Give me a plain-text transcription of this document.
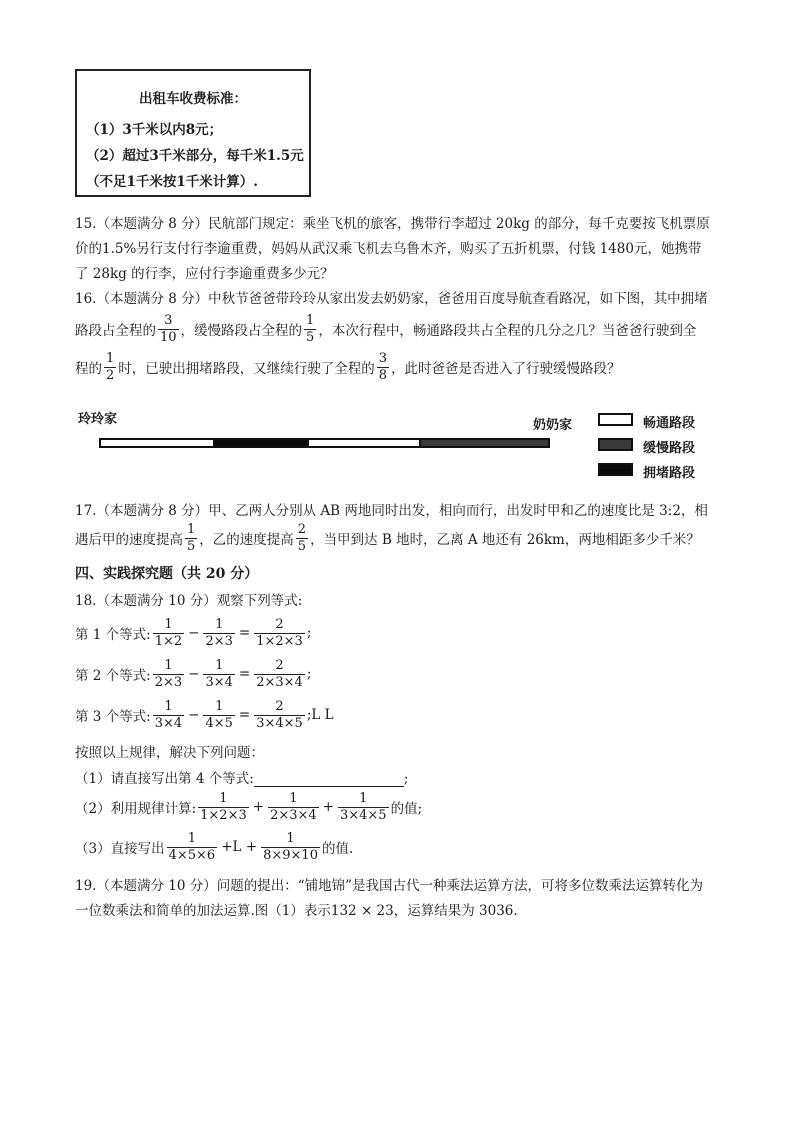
出租车收费标准：
（1）3千米以内8元；
（2）超过3千米部分，每千米1.5元
（不足1千米按1千米计算）.
15.（本题满分 8 分）民航部门规定：乘坐飞机的旅客，携带行李超过 20kg 的部分，每千克要按飞机票原
价的1.5%另行支付行李逾重费，妈妈从武汉乘飞机去乌鲁木齐，购买了五折机票，付钱 1480元，她携带
了 28kg 的行李，应付行李逾重费多少元？
16.（本题满分 8 分）中秋节爸爸带玲玲从家出发去奶奶家，爸爸用百度导航查看路况，如下图，其中拥堵
路段占全程的 $\frac{3}{10}$ ，缓慢路段占全程的 $\frac{1}{5}$ ，本次行程中，畅通路段共占全程的几分之几？当爸爸行驶到全
程的 $\frac{1}{2}$ 时，已驶出拥堵路段，又继续行驶了全程的 $\frac{3}{8}$ ，此时爸爸是否进入了行驶缓慢路段？
玲玲家	奶奶家	畅通路段
缓慢路段
拥堵路段
17.（本题满分 8 分）甲、乙两人分别从 AB 两地同时出发，相向而行，出发时甲和乙的速度比是 3:2，相
遇后甲的速度提高 $\frac{1}{5}$ ，乙的速度提高 $\frac{2}{5}$ ，当甲到达 B 地时，乙离 A 地还有 26km，两地相距多少千米？
四、实践探究题（共 20 分）
18.（本题满分 10 分）观察下列等式:
第 1 个等式: $\frac{1}{1\times 2} - \frac{1}{2\times 3} = \frac{2}{1\times 2\times 3}$ ;
第 2 个等式: $\frac{1}{2\times 3} - \frac{1}{3\times 4} = \frac{2}{2\times 3\times 4}$ ;
第 3 个等式: $\frac{1}{3\times 4} - \frac{1}{4\times 5} = \frac{2}{3\times 4\times 5}$ ;L L
按照以上规律，解决下列问题：
（1）请直接写出第 4 个等式:	;
（2）利用规律计算: $\frac{1}{1\times 2\times 3} + \frac{1}{2\times 3\times 4} + \frac{1}{3\times 4\times 5}$ 的值;
（3）直接写出 $\frac{1}{4\times 5\times 6} +L + \frac{1}{8\times 9\times 10}$ 的值.
19.（本题满分 10 分）问题的提出：“铺地锦”是我国古代一种乘法运算方法，可将多位数乘法运算转化为
一位数乘法和简单的加法运算.图（1）表示132 × 23，运算结果为 3036.
